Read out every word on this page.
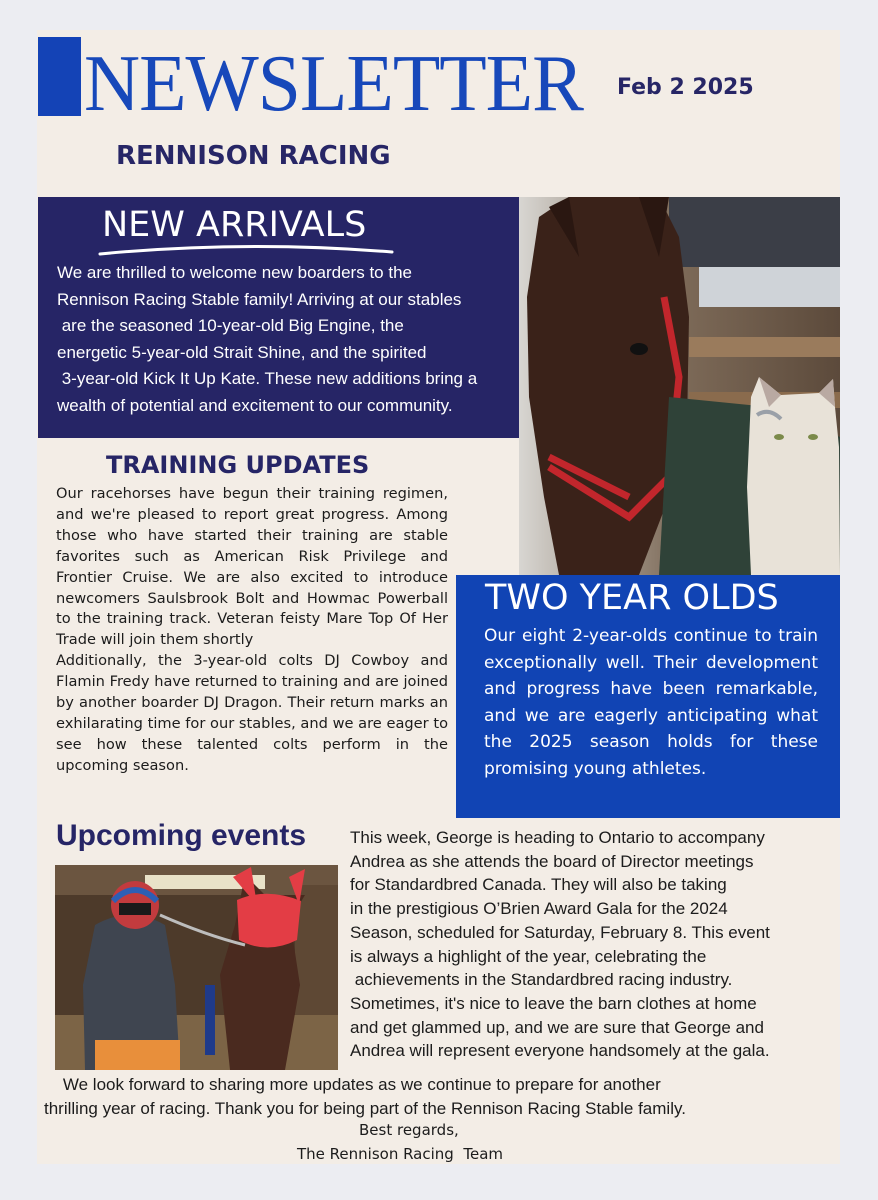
NEWSLETTER Feb 2 2025
RENNISON RACING
NEW ARRIVALS
We are thrilled to welcome new boarders to the
Rennison Racing Stable family! Arriving at our stables
are the seasoned 10-year-old Big Engine, the
energetic 5-year-old Strait Shine, and the spirited
3-year-old Kick It Up Kate. These new additions bring a
wealth of potential and excitement to our community.
TRAINING UPDATES

Our racehorses have begun their training regimen, and we're pleased to report great progress. Among those who have started their training are stable favorites such as American Risk Privilege and Frontier Cruise. We are also excited to introduce newcomers Saulsbrook Bolt and Howmac Powerball to the training track. Veteran feisty Mare Top Of Her Trade will join them shortly

Additionally, the 3-year-old colts DJ Cowboy and Flamin Fredy have returned to training and are joined by another boarder DJ Dragon. Their return marks an exhilarating time for our stables, and we are eager to see how these talented colts perform in the upcoming season.

TWO YEAR OLDS
Our eight 2-year-olds continue to train exceptionally well. Their development and progress have been remarkable, and we are eagerly anticipating what the 2025 season holds for these promising young athletes.
Upcoming events	This week, George is heading to Ontario to accompany
Andrea as she attends the board of Director meetings
for Standardbred Canada. They will also be taking
in the prestigious O’Brien Award Gala for the 2024
Season, scheduled for Saturday, February 8. This event
is always a highlight of the year, celebrating the
achievements in the Standardbred racing industry.
Sometimes, it's nice to leave the barn clothes at home
and get glammed up, and we are sure that George and
Andrea will represent everyone handsomely at the gala.
We look forward to sharing more updates as we continue to prepare for another
thrilling year of racing. Thank you for being part of the Rennison Racing Stable family.
Best regards,
The Rennison Racing  Team
